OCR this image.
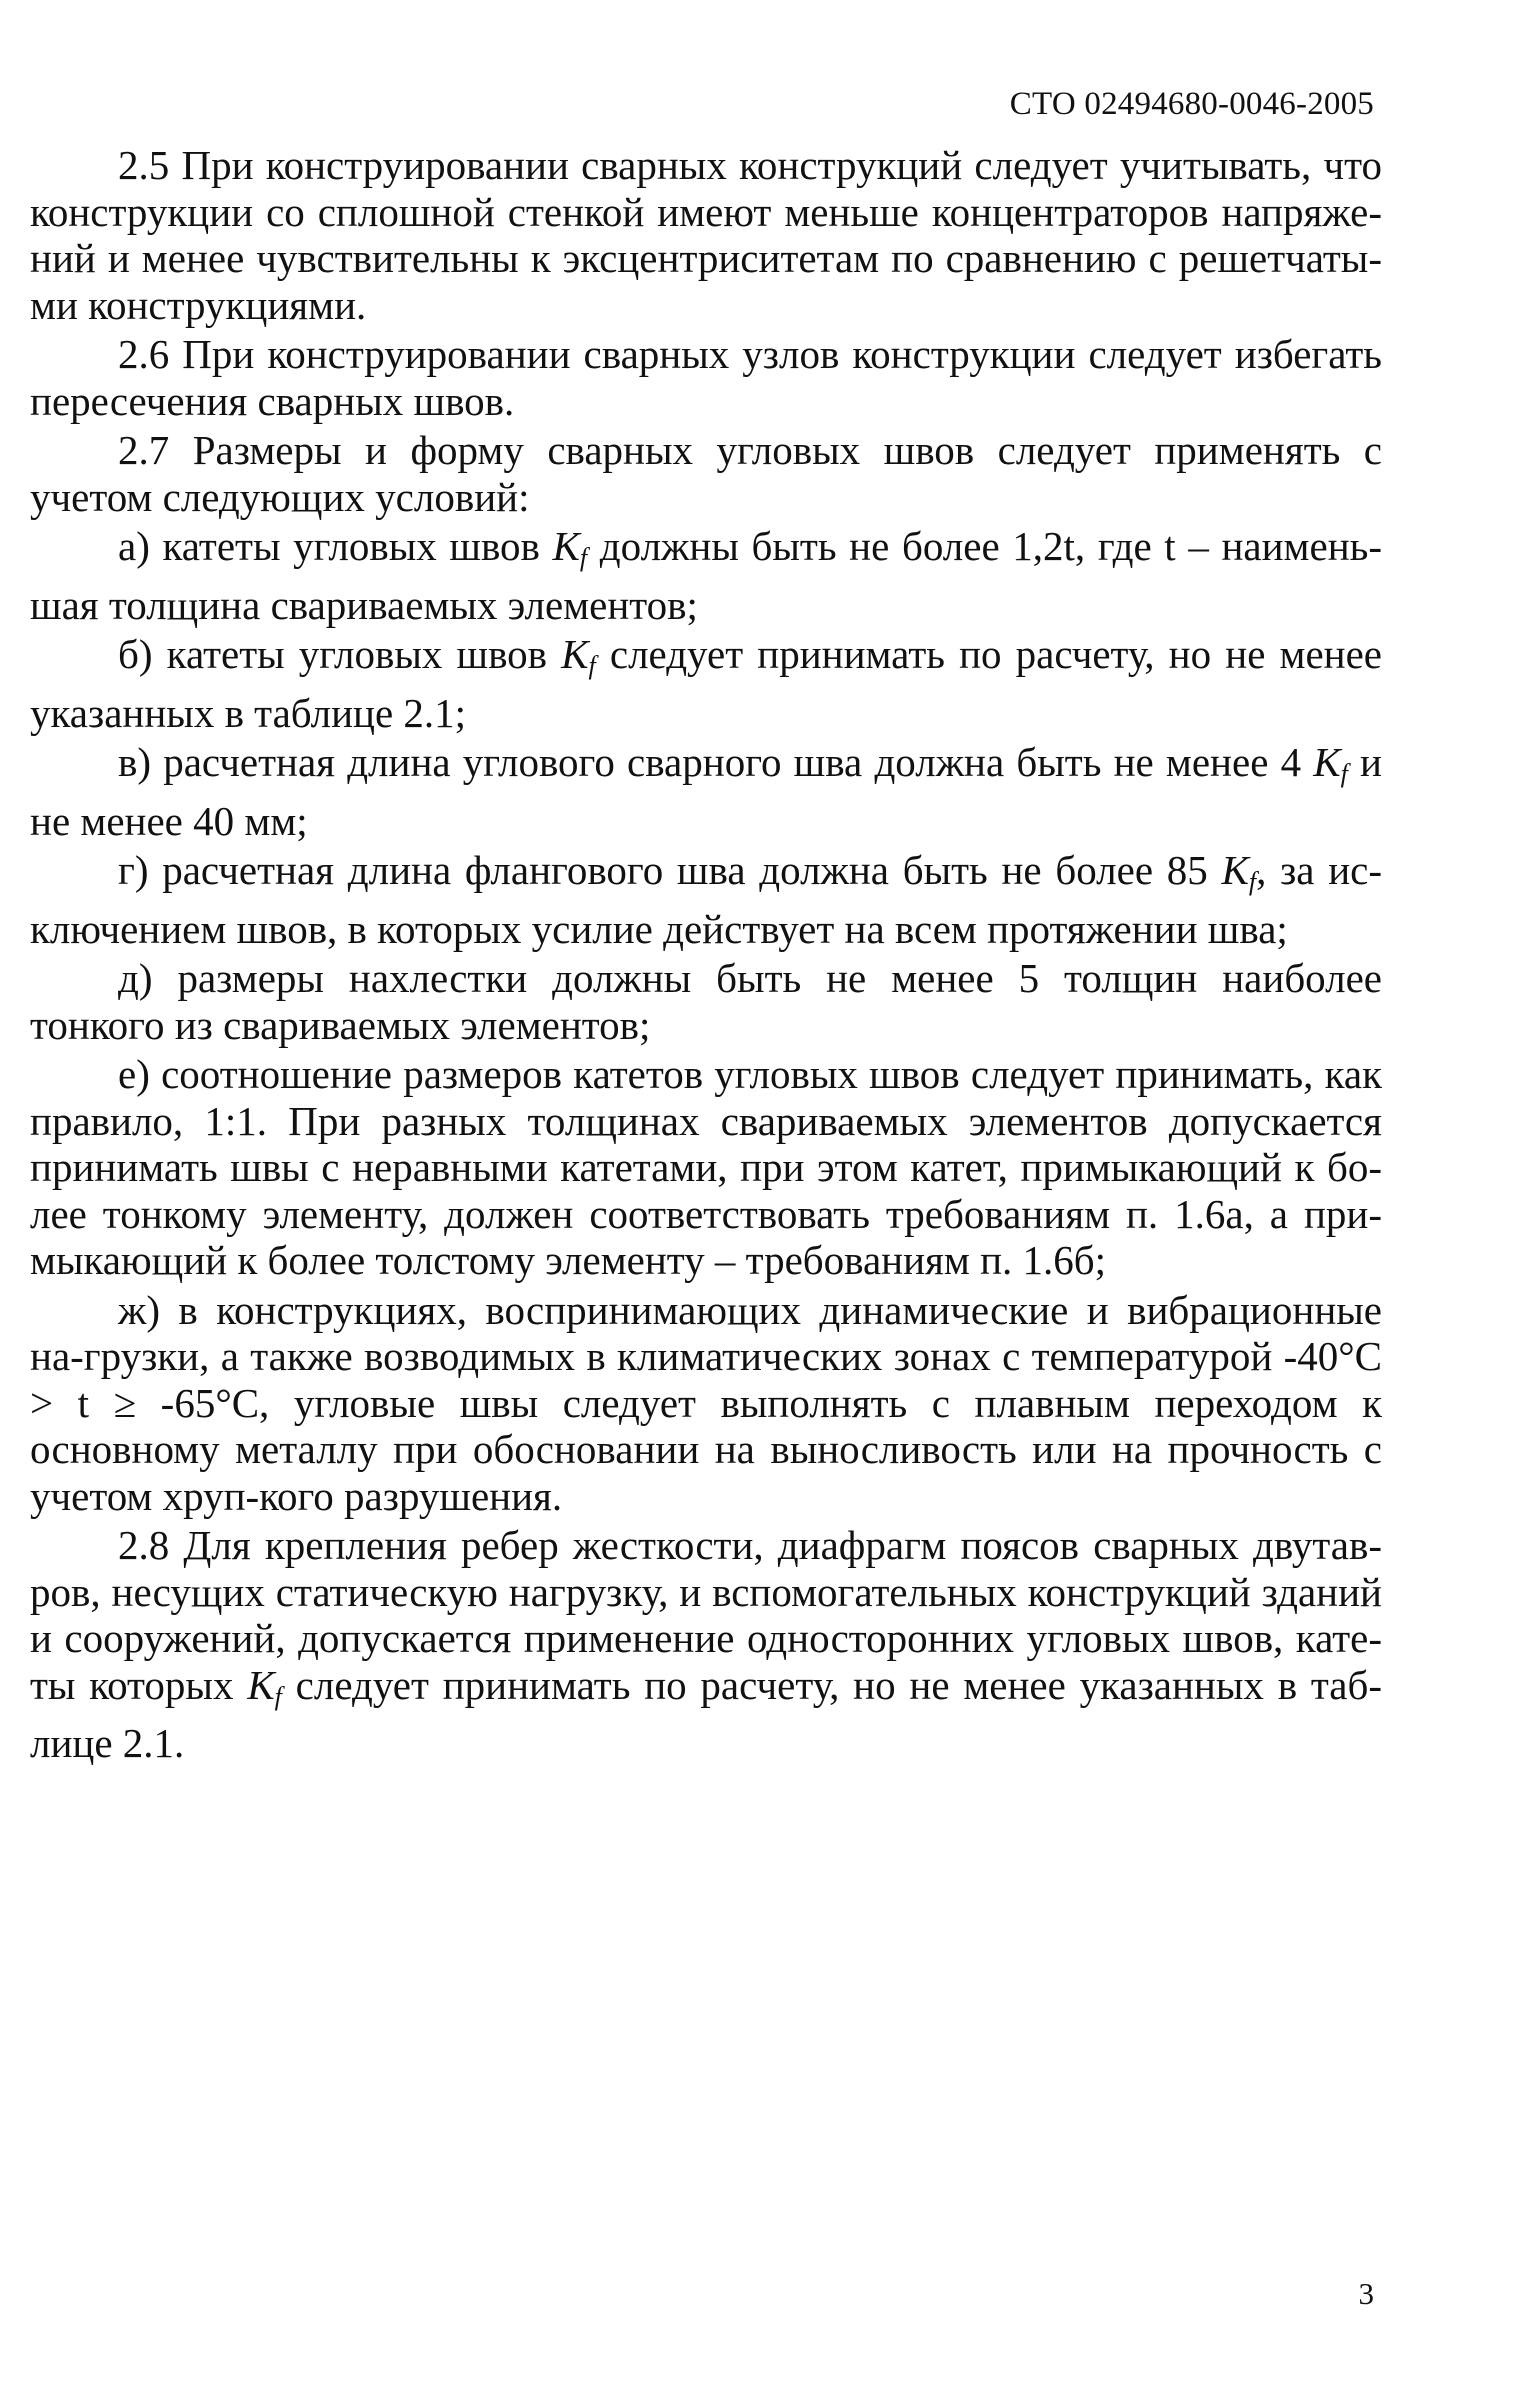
СТО 02494680-0046-2005

2.5 При конструировании сварных конструкций следует учитывать, что конструкции со сплошной стенкой имеют меньше концентраторов напряже-ний и менее чувствительны к эксцентриситетам по сравнению с решетчаты-ми конструкциями.

2.6 При конструировании сварных узлов конструкции следует избегать пересечения сварных швов.

2.7 Размеры и форму сварных угловых швов следует применять с учетом следующих условий:

а) катеты угловых швов $K_f$ должны быть не более 1,2t, где t – наимень-шая толщина свариваемых элементов;

б) катеты угловых швов $K_f$ следует принимать по расчету, но не менее указанных в таблице 2.1;

в) расчетная длина углового сварного шва должна быть не менее 4 $K_f$ и не менее 40 мм;

г) расчетная длина флангового шва должна быть не более 85 $K_f$, за ис-ключением швов, в которых усилие действует на всем протяжении шва;

д) размеры нахлестки должны быть не менее 5 толщин наиболее тонкого из свариваемых элементов;

е) соотношение размеров катетов угловых швов следует принимать, как правило, 1:1. При разных толщинах свариваемых элементов допускается принимать швы с неравными катетами, при этом катет, примыкающий к бо-лее тонкому элементу, должен соответствовать требованиям п. 1.6а, а при-мыкающий к более толстому элементу – требованиям п. 1.6б;

ж) в конструкциях, воспринимающих динамические и вибрационные на-грузки, а также возводимых в климатических зонах с температурой -40°С > t ≥ -65°С, угловые швы следует выполнять с плавным переходом к основному металлу при обосновании на выносливость или на прочность с учетом хруп-кого разрушения.

2.8 Для крепления ребер жесткости, диафрагм поясов сварных двутав-ров, несущих статическую нагрузку, и вспомогательных конструкций зданий и сооружений, допускается применение односторонних угловых швов, кате-ты которых $K_f$ следует принимать по расчету, но не менее указанных в таб-лице 2.1.

3
